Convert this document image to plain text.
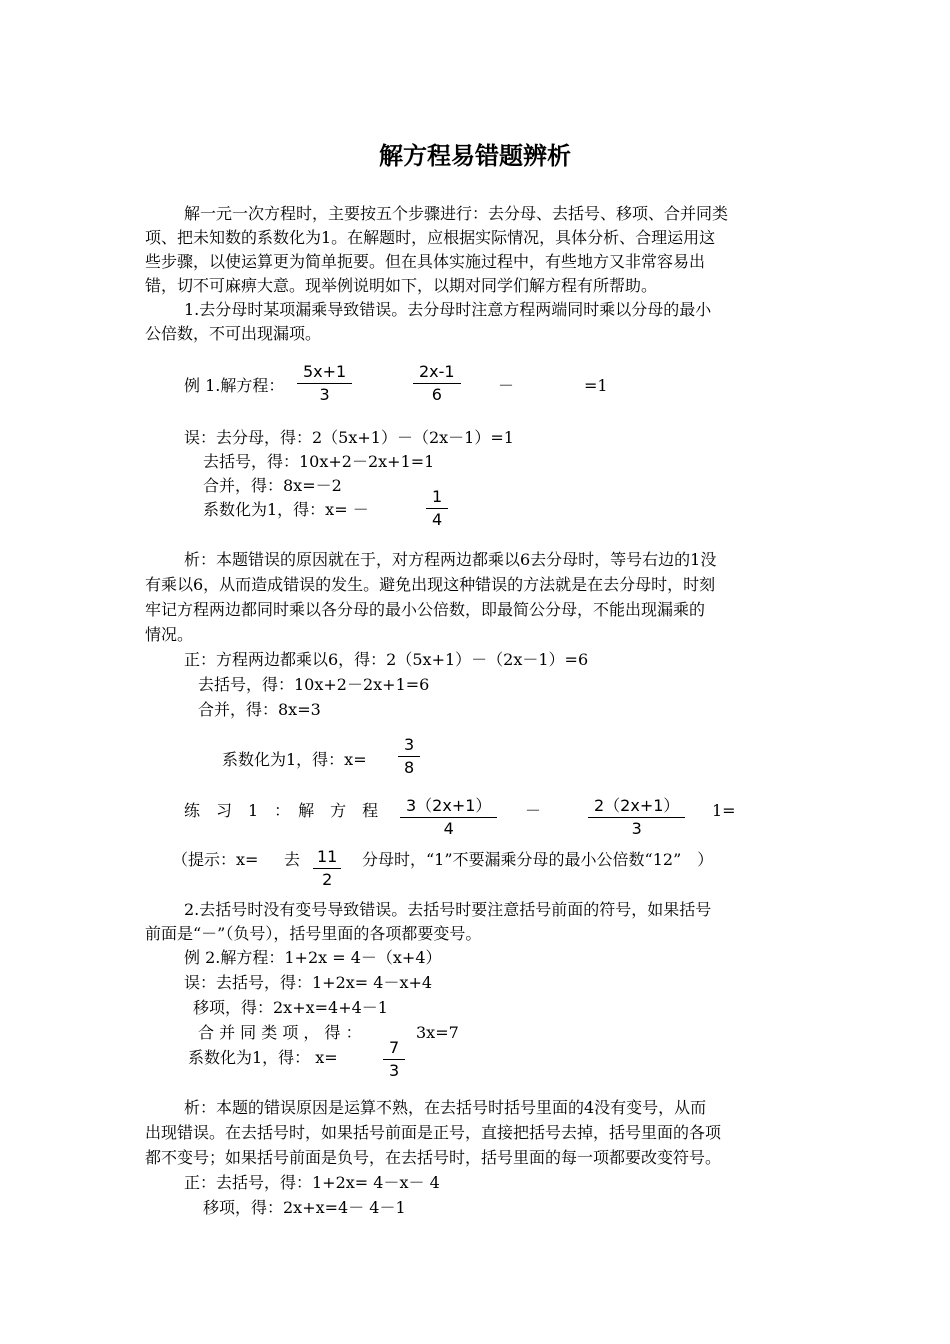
解方程易错题辨析
解一元一次方程时，主要按五个步骤进行：去分母、去括号、移项、合并同类
项、把未知数的系数化为1。在解题时，应根据实际情况，具体分析、合理运用这
些步骤，以使运算更为简单扼要。但在具体实施过程中，有些地方又非常容易出
错，切不可麻痹大意。现举例说明如下，以期对同学们解方程有所帮助。
1.去分母时某项漏乘导致错误。去分母时注意方程两端同时乘以分母的最小
公倍数，不可出现漏项。
例 1.解方程：
5x+1
3
2x-1
6	－	=1
误：去分母，得：2（5x+1）－（2x－1）=1
去括号，得：10x+2－2x+1=1
合并，得：8x=－2
系数化为1，得：x= －
1
4
析：本题错误的原因就在于，对方程两边都乘以6去分母时，等号右边的1没
有乘以6，从而造成错误的发生。避免出现这种错误的方法就是在去分母时，时刻
牢记方程两边都同时乘以各分母的最小公倍数，即最简公分母，不能出现漏乘的
情况。
正：方程两边都乘以6，得：2（5x+1）－（2x－1）=6
去括号，得：10x+2－2x+1=6
合并，得：8x=3
系数化为1，得：x=
3
8
练　习　1　：　解　方　程	3（2x+1）
4
－	2（2x+1）
3
1=
（提示：x= 去 11
2
分母时，“1”不要漏乘分母的最小公倍数“12”　）
2.去括号时没有变号导致错误。去括号时要注意括号前面的符号，如果括号
前面是“－”（负号），括号里面的各项都要变号。
例 2.解方程：1+2x = 4－（x+4）
误：去括号，得：1+2x= 4－x+4
移项，得：2x+x=4+4－1
合 并 同 类 项 ， 得 ：	3x=7
系数化为1，得： x=
7
3
析：本题的错误原因是运算不熟，在去括号时括号里面的4没有变号，从而
出现错误。在去括号时，如果括号前面是正号，直接把括号去掉，括号里面的各项
都不变号；如果括号前面是负号，在去括号时，括号里面的每一项都要改变符号。
正：去括号，得：1+2x= 4－x－ 4
移项，得：2x+x=4－ 4－1
